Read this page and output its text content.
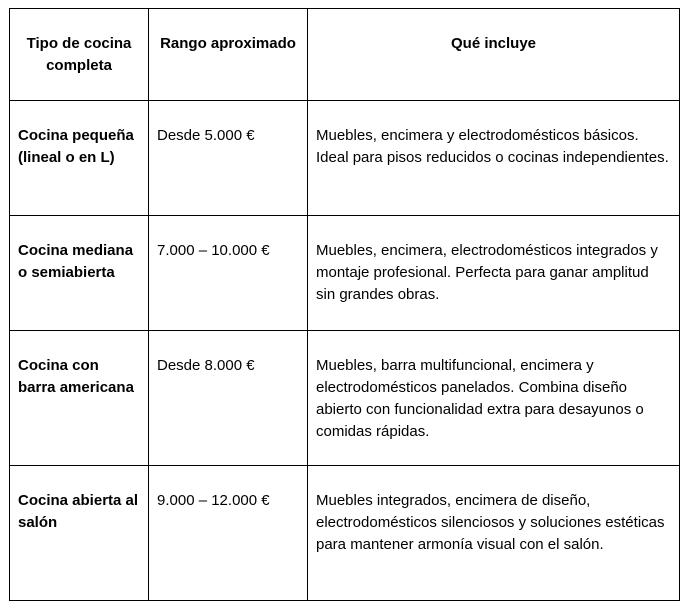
Tipo de cocina completa	Rango aproximado	Qué incluye

Cocina pequeña (lineal o en L)	Desde 5.000 €	Muebles, encimera y electrodomésticos básicos. Ideal para pisos reducidos o cocinas independientes.

Cocina mediana o semiabierta	7.000 – 10.000 €	Muebles, encimera, electrodomésticos integrados y montaje profesional. Perfecta para ganar amplitud sin grandes obras.

Cocina con barra americana	Desde 8.000 €	Muebles, barra multifuncional, encimera y electrodomésticos panelados. Combina diseño abierto con funcionalidad extra para desayunos o comidas rápidas.

Cocina abierta al salón	9.000 – 12.000 €	Muebles integrados, encimera de diseño, electrodomésticos silenciosos y soluciones estéticas para mantener armonía visual con el salón.
